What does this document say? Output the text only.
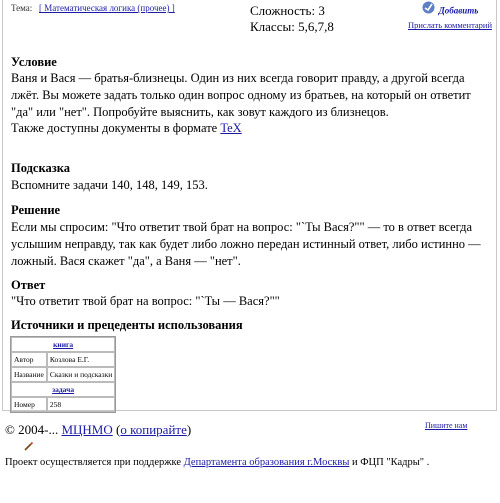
Тема: [ Математическая логика (прочее) ]	Сложность: 3
Классы: 5,6,7,8
Добавить
Прислать комментарий
Условие
Ваня и Вася — братья-близнецы. Один из них всегда говорит правду, а другой всегда лжёт. Вы можете задать только один вопрос одному из братьев, на который он ответит "да" или "нет". Попробуйте выяснить, как зовут каждого из близнецов.
Также доступны документы в формате TeX
Подсказка
Вспомните задачи 140, 148, 149, 153.
Решение
Если мы спросим: "Что ответит твой брат на вопрос: "`Ты Вася?"" — то в ответ всегда услышим неправду, так как будет либо ложно передан истинный ответ, либо истинно — ложный. Вася скажет "да", а Ваня — "нет".
Ответ
"Что ответит твой брат на вопрос: "`Ты — Вася?""
Источники и прецеденты использования
книга	
Автор	Козлова Е.Г.
Название	Сказки и подсказки
задача	
Номер	258
© 2004-... МЦНМО (о копирайте)	Пишите нам
Проект осуществляется при поддержке Департамента образования г.Москвы и ФЦП "Кадры" .
